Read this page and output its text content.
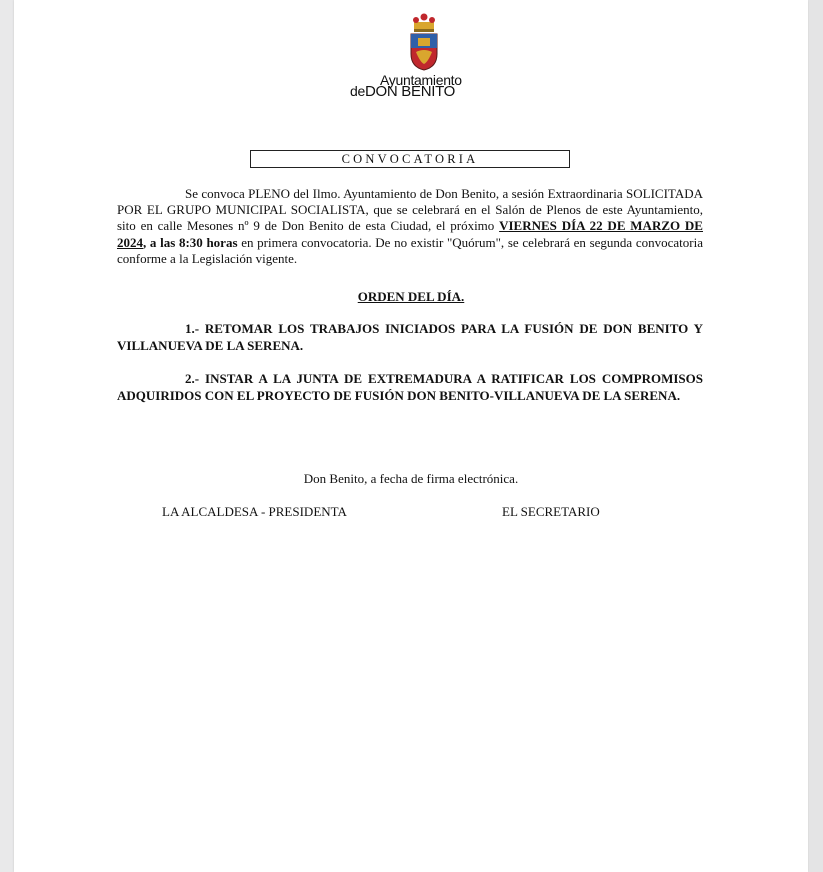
Ayuntamiento
deDON BENITO
CONVOCATORIA
Se convoca PLENO del Ilmo. Ayuntamiento de Don Benito, a sesión Extraordinaria SOLICITADA POR EL GRUPO MUNICIPAL SOCIALISTA, que se celebrará en el Salón de Plenos de este Ayuntamiento, sito en calle Mesones nº 9 de Don Benito de esta Ciudad, el próximo VIERNES DÍA 22 DE MARZO DE 2024, a las 8:30 horas en primera convocatoria. De no existir "Quórum", se celebrará en segunda convocatoria conforme a la Legislación vigente.
ORDEN DEL DÍA.
1.- RETOMAR LOS TRABAJOS INICIADOS PARA LA FUSIÓN DE DON BENITO Y VILLANUEVA DE LA SERENA.
2.- INSTAR A LA JUNTA DE EXTREMADURA A RATIFICAR LOS COMPROMISOS ADQUIRIDOS CON EL PROYECTO DE FUSIÓN DON BENITO-VILLANUEVA DE LA SERENA.
Don Benito, a fecha de firma electrónica.
LA ALCALDESA - PRESIDENTA	EL SECRETARIO
